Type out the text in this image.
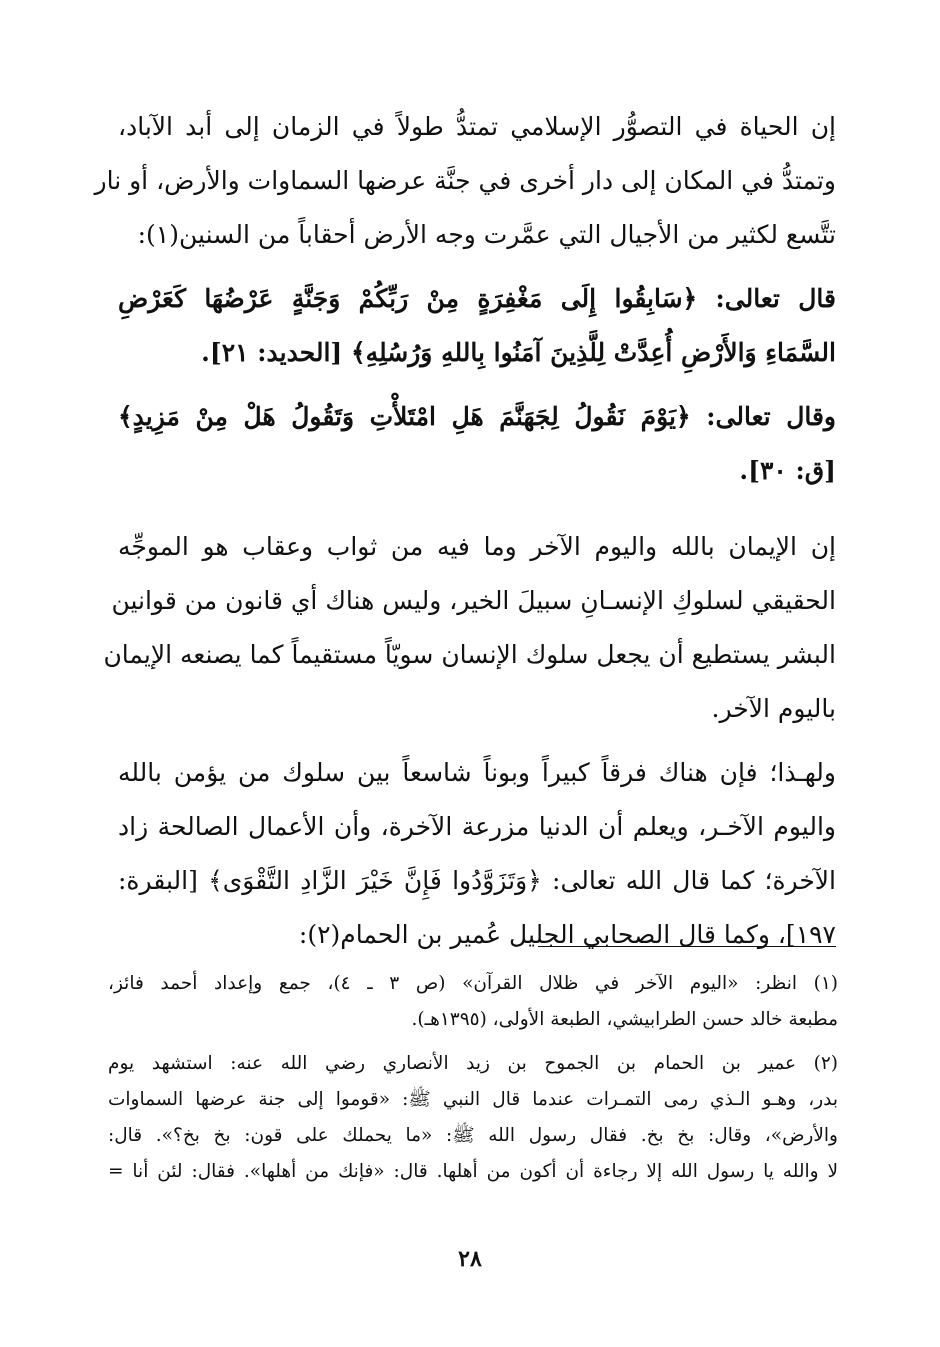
إن الحياة في التصوُّر الإسلامي تمتدُّ طولاً في الزمان إلى أبد الآباد،
وتمتدُّ في المكان إلى دار أخرى في جنَّة عرضها السماوات والأرض، أو نار
تتَّسع لكثير من الأجيال التي عمَّرت وجه الأرض أحقاباً من السنين(١):
قال تعالى: ﴿سَابِقُوا إِلَى مَغْفِرَةٍ مِنْ رَبِّكُمْ وَجَنَّةٍ عَرْضُهَا كَعَرْضِ
السَّمَاءِ وَالأَرْضِ أُعِدَّتْ لِلَّذِينَ آمَنُوا بِاللهِ وَرُسُلِهِ﴾ [الحديد: ٢١].
وقال تعالى: ﴿يَوْمَ نَقُولُ لِجَهَنَّمَ هَلِ امْتَلأْتِ وَتَقُولُ هَلْ مِنْ مَزِيدٍ﴾
[ق: ٣٠].
إن الإيمان بالله واليوم الآخر وما فيه من ثواب وعقاب هو الموجِّه
الحقيقي لسلوكِ الإنسـانِ سبيلَ الخير، وليس هناك أي قانون من قوانين
البشر يستطيع أن يجعل سلوك الإنسان سويّاً مستقيماً كما يصنعه الإيمان
باليوم الآخر.
ولهـذا؛ فإن هناك فرقاً كبيراً وبوناً شاسعاً بين سلوك من يؤمن بالله
واليوم الآخـر، ويعلم أن الدنيا مزرعة الآخرة، وأن الأعمال الصالحة زاد
الآخرة؛ كما قال الله تعالى: ﴿وَتَزَوَّدُوا فَإِنَّ خَيْرَ الزَّادِ التَّقْوَى﴾ [البقرة:
١٩٧]، وكما قال الصحابي الجليل عُمير بن الحمام(٢):
(١) انظر: «اليوم الآخر في ظلال القرآن» (ص ٣ ـ ٤)، جمع وإعداد أحمد فائز،
مطبعة خالد حسن الطرابيشي، الطبعة الأولى، (١٣٩٥هـ).
(٢) عمير بن الحمام بن الجموح بن زيد الأنصاري رضي الله عنه: استشهد يوم
بدر، وهـو الـذي رمى التمـرات عندما قال النبي ﷺ: «قوموا إلى جنة عرضها السماوات
والأرض»، وقال: بخ بخ. فقال رسول الله ﷺ: «ما يحملك على قون: بخ بخ؟». قال:
لا والله يا رسول الله إلا رجاءة أن أكون من أهلها. قال: «فإنك من أهلها». فقال: لئن أنا =
٢٨
